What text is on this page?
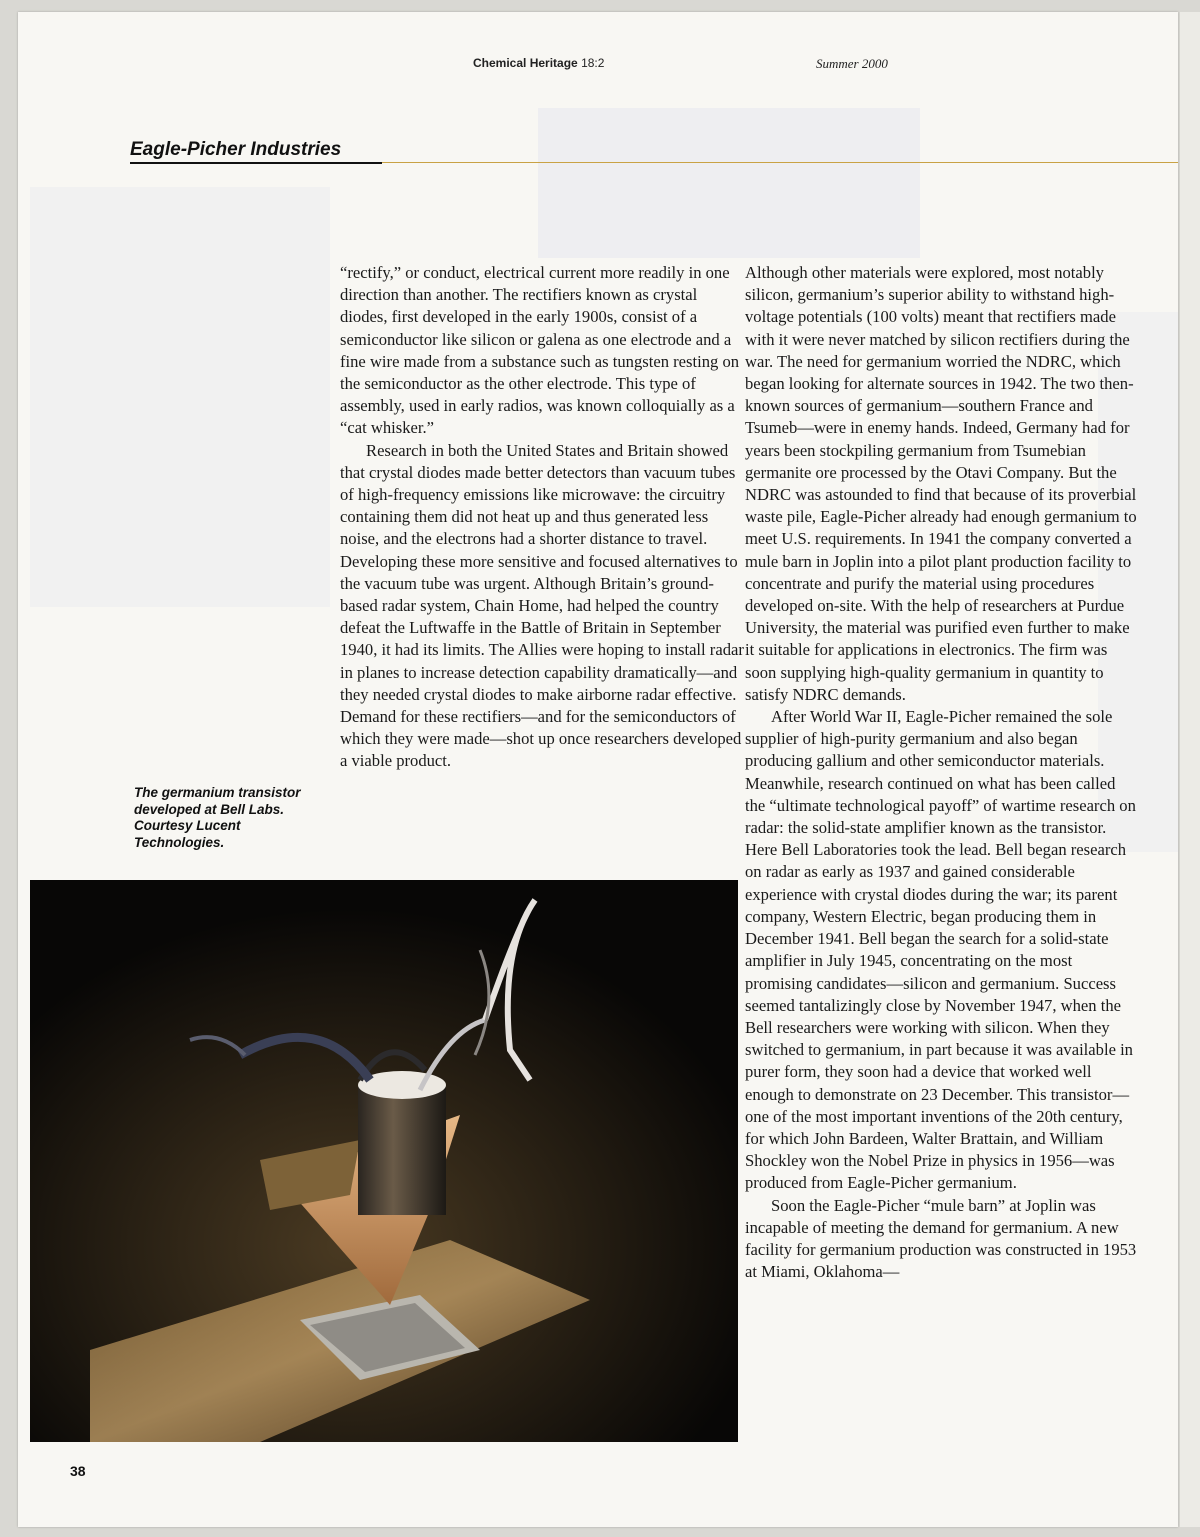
Chemical Heritage 18:2	Summer 2000
Eagle-Picher Industries

“rectify,” or conduct, electrical current more readily in one direction than another. The rectifiers known as crystal diodes, first developed in the early 1900s, consist of a semiconductor like silicon or galena as one electrode and a fine wire made from a substance such as tungsten resting on the semiconductor as the other electrode. This type of assembly, used in early radios, was known colloquially as a “cat whisker.”

Research in both the United States and Britain showed that crystal diodes made better detectors than vacuum tubes of high-frequency emissions like microwave: the circuitry containing them did not heat up and thus generated less noise, and the electrons had a shorter distance to travel. Developing these more sensitive and focused alternatives to the vacuum tube was urgent. Although Britain’s ground-based radar system, Chain Home, had helped the country defeat the Luftwaffe in the Battle of Britain in September 1940, it had its limits. The Allies were hoping to install radar in planes to increase detection capability dramatically—and they needed crystal diodes to make airborne radar effective. Demand for these rectifiers—and for the semiconductors of which they were made—shot up once researchers developed a viable product.

Although other materials were explored, most notably silicon, germanium’s superior ability to withstand high-voltage potentials (100 volts) meant that rectifiers made with it were never matched by silicon rectifiers during the war. The need for germanium worried the NDRC, which began looking for alternate sources in 1942. The two then-known sources of germanium—southern France and Tsumeb—were in enemy hands. Indeed, Germany had for years been stockpiling germanium from Tsumebian germanite ore processed by the Otavi Company. But the NDRC was astounded to find that because of its proverbial waste pile, Eagle-Picher already had enough germanium to meet U.S. requirements. In 1941 the company converted a mule barn in Joplin into a pilot plant production facility to concentrate and purify the material using procedures developed on-site. With the help of researchers at Purdue University, the material was purified even further to make it suitable for applications in electronics. The firm was soon supplying high-quality germanium in quantity to satisfy NDRC demands.

After World War II, Eagle-Picher remained the sole supplier of high-purity germanium and also began producing gallium and other semiconductor materials. Meanwhile, research continued on what has been called the “ultimate technological payoff” of wartime research on radar: the solid-state amplifier known as the transistor. Here Bell Laboratories took the lead. Bell began research on radar as early as 1937 and gained considerable experience with crystal diodes during the war; its parent company, Western Electric, began producing them in December 1941. Bell began the search for a solid-state amplifier in July 1945, concentrating on the most promising candidates—silicon and germanium. Success seemed tantalizingly close by November 1947, when the Bell researchers were working with silicon. When they switched to germanium, in part because it was available in purer form, they soon had a device that worked well enough to demonstrate on 23 December. This transistor—one of the most important inventions of the 20th century, for which John Bardeen, Walter Brattain, and William Shockley won the Nobel Prize in physics in 1956—was produced from Eagle-Picher germanium.

Soon the Eagle-Picher “mule barn” at Joplin was incapable of meeting the demand for germanium. A new facility for germanium production was constructed in 1953 at Miami, Oklahoma—

The germanium transistor developed at Bell Labs. Courtesy Lucent Technologies.
38
